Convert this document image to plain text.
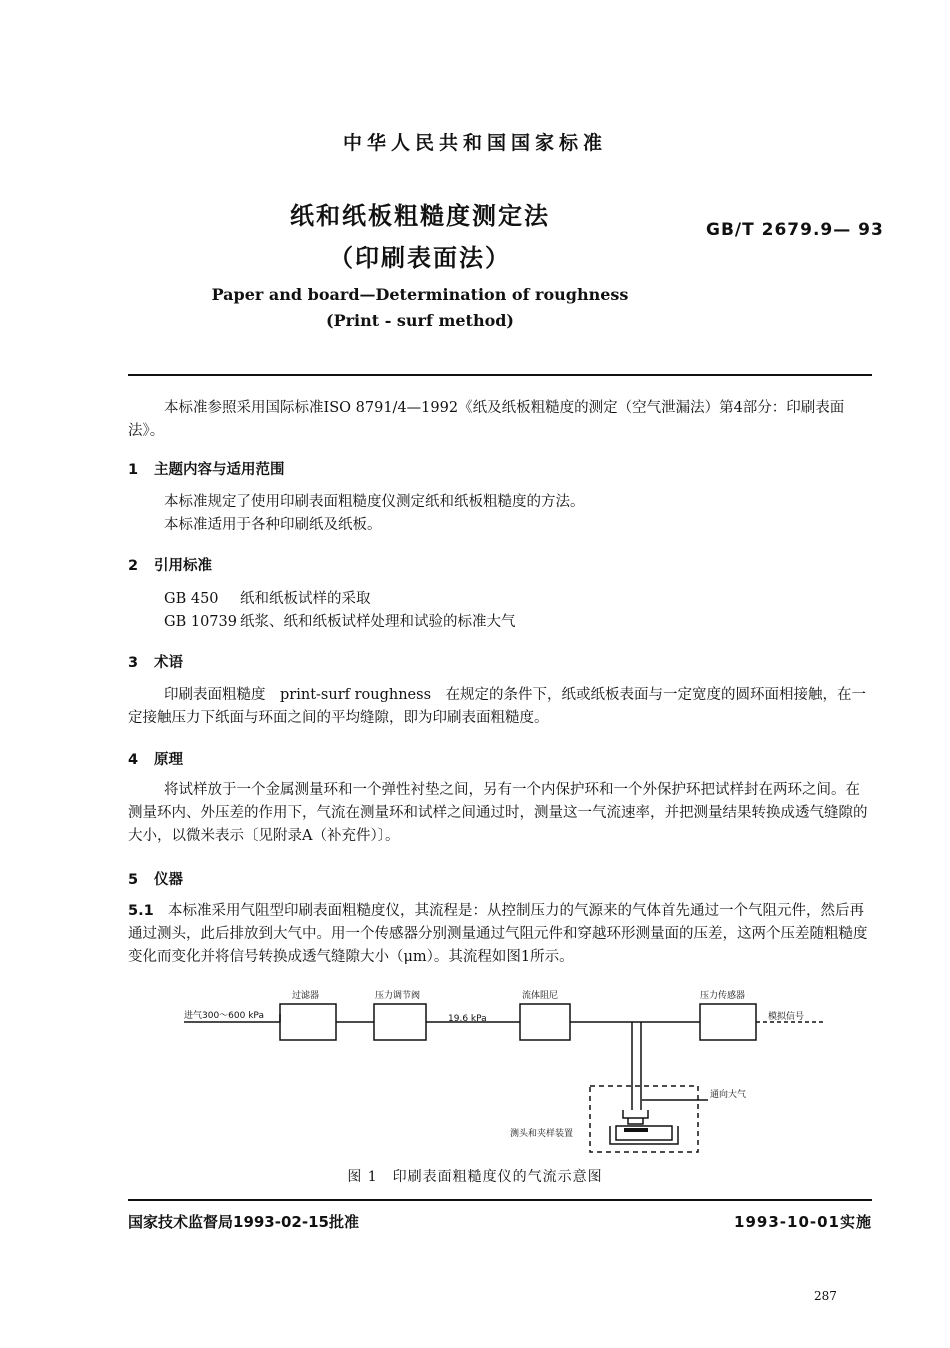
中华人民共和国国家标准
纸和纸板粗糙度测定法
（印刷表面法）
GB/T 2679.9— 93
Paper and board—Determination of roughness
(Print - surf method)
本标准参照采用国际标准ISO 8791/4—1992《纸及纸板粗糙度的测定（空气泄漏法）第4部分：印刷表面法》。
1 主题内容与适用范围
本标准规定了使用印刷表面粗糙度仪测定纸和纸板粗糙度的方法。
本标准适用于各种印刷纸及纸板。
2 引用标准
GB 450 纸和纸板试样的采取
GB 10739 纸浆、纸和纸板试样处理和试验的标准大气
3 术语
印刷表面粗糙度　print-surf roughness　在规定的条件下，纸或纸板表面与一定宽度的圆环面相接触，在一定接触压力下纸面与环面之间的平均缝隙，即为印刷表面粗糙度。
4 原理
将试样放于一个金属测量环和一个弹性衬垫之间，另有一个内保护环和一个外保护环把试样封在两环之间。在测量环内、外压差的作用下，气流在测量环和试样之间通过时，测量这一气流速率，并把测量结果转换成透气缝隙的大小，以微米表示〔见附录A（补充件）〕。
5 仪器
5.1 本标准采用气阻型印刷表面粗糙度仪，其流程是：从控制压力的气源来的气体首先通过一个气阻元件，然后再通过测头，此后排放到大气中。用一个传感器分别测量通过气阻元件和穿越环形测量面的压差，这两个压差随粗糙度变化而变化并将信号转换成透气缝隙大小（μm）。其流程如图1所示。
进气300～600 kPa
过滤器	压力调节阀
19.6 kPa
流体阻尼	压力传感器
模拟信号
通向大气
测头和夹样装置
图 1　印刷表面粗糙度仪的气流示意图
国家技术监督局1993-02-15批准	1993-10-01实施
287
